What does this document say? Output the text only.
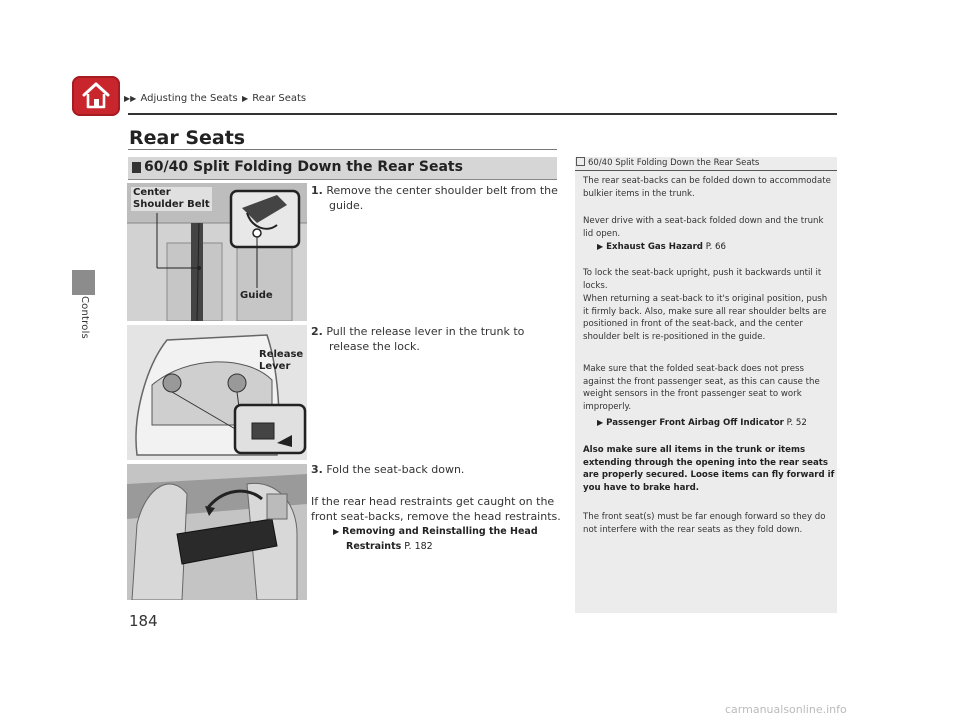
▶▶ Adjusting the Seats ▶ Rear Seats
Controls
Rear Seats
60/40 Split Folding Down the Rear Seats
Center
Shoulder Belt
Guide
Release
Lever
1. Remove the center shoulder belt from the guide.
2. Pull the release lever in the trunk to release the lock.
3. Fold the seat-back down.
If the rear head restraints get caught on the front seat-backs, remove the head restraints.
▶ Removing and Reinstalling the Head
Restraints P. 182
60/40 Split Folding Down the Rear Seats

The rear seat-backs can be folded down to accommodate bulkier items in the trunk.

Never drive with a seat-back folded down and the trunk lid open.

▶ Exhaust Gas Hazard P. 66

To lock the seat-back upright, push it backwards until it locks.

When returning a seat-back to it's original position, push it firmly back. Also, make sure all rear shoulder belts are positioned in front of the seat-back, and the center shoulder belt is re-positioned in the guide.

Make sure that the folded seat-back does not press against the front passenger seat, as this can cause the weight sensors in the front passenger seat to work improperly.

▶ Passenger Front Airbag Off Indicator P. 52

Also make sure all items in the trunk or items extending through the opening into the rear seats are properly secured. Loose items can fly forward if you have to brake hard.

The front seat(s) must be far enough forward so they do not interfere with the rear seats as they fold down.

184
carmanualsonline.info
